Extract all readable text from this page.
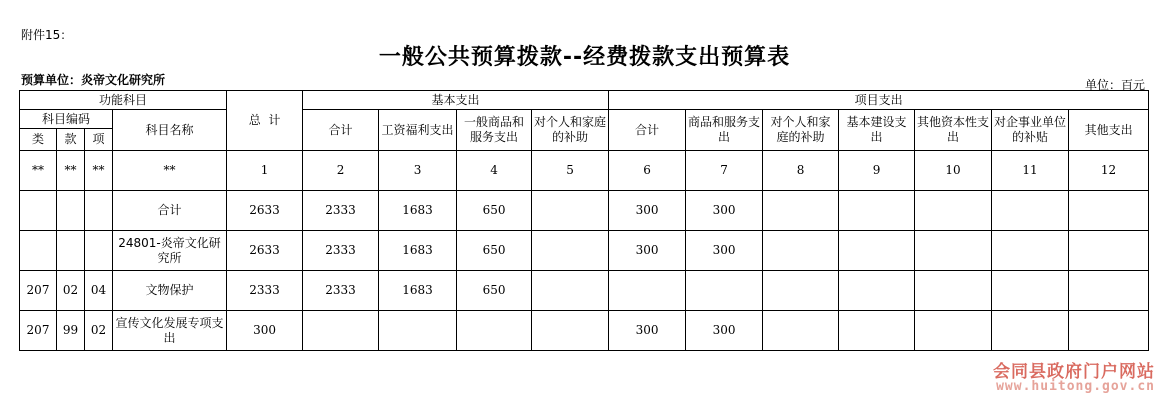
附件15：
一般公共预算拨款--经费拨款支出预算表
预算单位：炎帝文化研究所	单位：百元
功能科目				总  计	基本支出				项目支出						
科目编码			科目名称		合计	工资福利支出	一般商品和服务支出	对个人和家庭的补助	合计	商品和服务支出	对个人和家庭的补助	基本建设支出	其他资本性支出	对企事业单位的补贴	其他支出
类	款	项													
**	**	**	**	1	2	3	4	5	6	7	8	9	10	11	12
			合计	2633	2333	1683	650		300	300					
			24801-炎帝文化研究所	2633	2333	1683	650		300	300					
207	02	04	文物保护	2333	2333	1683	650								
207	99	02	宣传文化发展专项支出	300					300	300					
会同县政府门户网站
www.huitong.gov.cn
